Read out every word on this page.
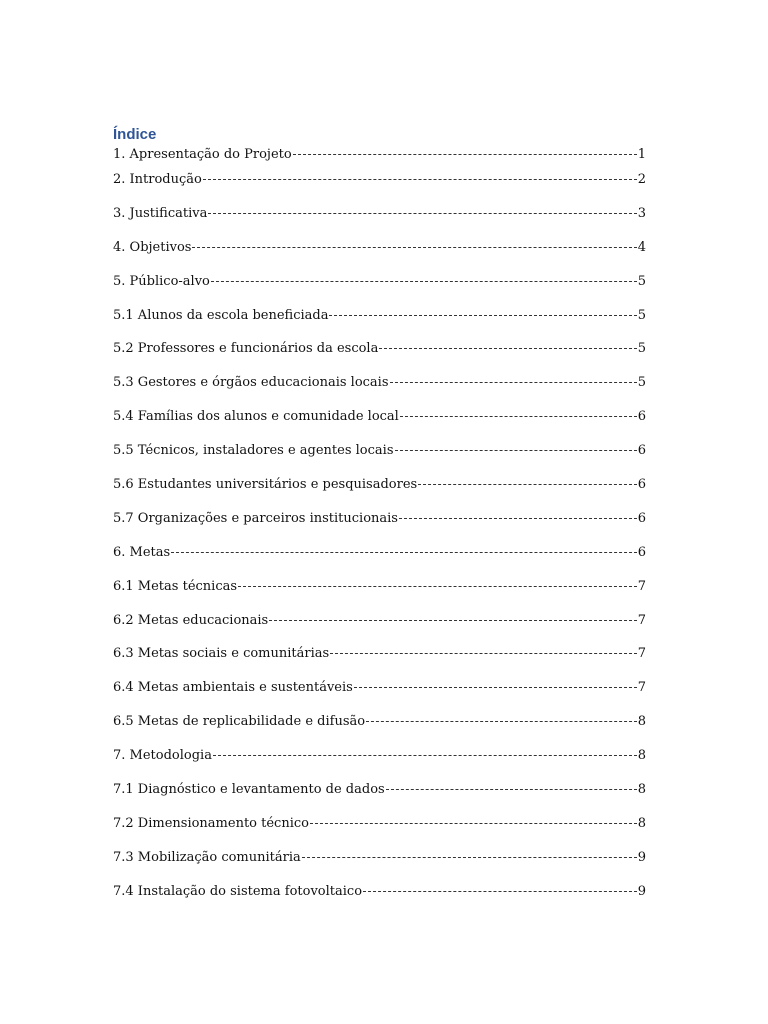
Índice
1. Apresentação do Projeto	1
2. Introdução	2
3. Justificativa	3
4. Objetivos	4
5. Público-alvo	5
5.1 Alunos da escola beneficiada	5
5.2 Professores e funcionários da escola	5
5.3 Gestores e órgãos educacionais locais	5
5.4 Famílias dos alunos e comunidade local	6
5.5 Técnicos, instaladores e agentes locais	6
5.6 Estudantes universitários e pesquisadores	6
5.7 Organizações e parceiros institucionais	6
6. Metas	6
6.1 Metas técnicas	7
6.2 Metas educacionais	7
6.3 Metas sociais e comunitárias	7
6.4 Metas ambientais e sustentáveis	7
6.5 Metas de replicabilidade e difusão	8
7. Metodologia	8
7.1 Diagnóstico e levantamento de dados	8
7.2 Dimensionamento técnico	8
7.3 Mobilização comunitária	9
7.4 Instalação do sistema fotovoltaico	9
